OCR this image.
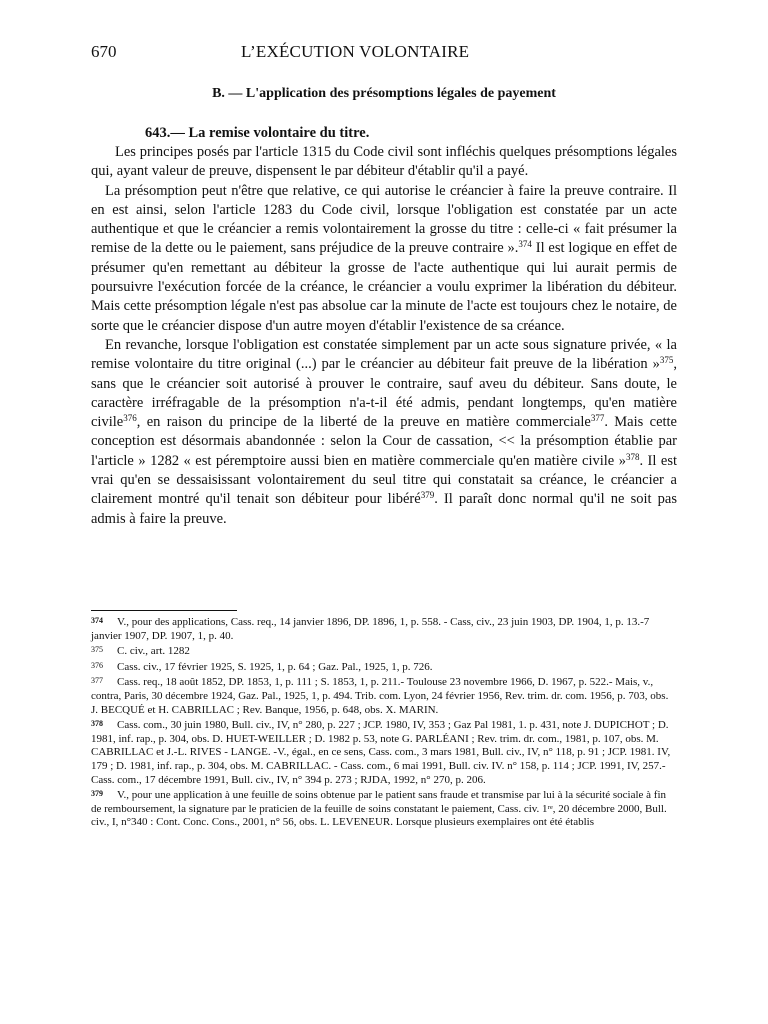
670	L’EXÉCUTION VOLONTAIRE
B. — L'application des présomptions légales de payement
643.— La remise volontaire du titre.

Les principes posés par l'article 1315 du Code civil sont infléchis quelques présomptions légales qui, ayant valeur de preuve, dispensent le par débiteur d'établir qu'il a payé.

La présomption peut n'être que relative, ce qui autorise le créancier à faire la preuve contraire. Il en est ainsi, selon l'article 1283 du Code civil, lorsque l'obligation est constatée par un acte authentique et que le créancier a remis volontairement la grosse du titre : celle-ci « fait présumer la remise de la dette ou le paiement, sans préjudice de la preuve contraire ».$^{374}$ Il est logique en effet de présumer qu'en remettant au débiteur la grosse de l'acte authentique qui lui aurait permis de poursuivre l'exécution forcée de la créance, le créancier a voulu exprimer la libération du débiteur. Mais cette présomption légale n'est pas absolue car la minute de l'acte est toujours chez le notaire, de sorte que le créancier dispose d'un autre moyen d'établir l'existence de sa créance.

En revanche, lorsque l'obligation est constatée simplement par un acte sous signature privée, « la remise volontaire du titre original (...) par le créancier au débiteur fait preuve de la libération »$^{375}$, sans que le créancier soit autorisé à prouver le contraire, sauf aveu du débiteur. Sans doute, le caractère irréfragable de la présomption n'a-t-il été admis, pendant longtemps, qu'en matière civile$^{376}$, en raison du principe de la liberté de la preuve en matière commerciale$^{377}$. Mais cette conception est désormais abandonnée : selon la Cour de cassation, << la présomption établie par l'article » 1282 « est péremptoire aussi bien en matière commerciale qu'en matière civile »$^{378}$. Il est vrai qu'en se dessaisissant volontairement du seul titre qui constatait sa créance, le créancier a clairement montré qu'il tenait son débiteur pour libéré$^{379}$. Il paraît donc normal qu'il ne soit pas admis à faire la preuve.

374 V., pour des applications, Cass. req., 14 janvier 1896, DP. 1896, 1, p. 558. - Cass, civ., 23 juin 1903, DP. 1904, 1, p. 13.-7 janvier 1907, DP. 1907, 1, p. 40.
375 C. civ., art. 1282
376 Cass. civ., 17 février 1925, S. 1925, 1, p. 64 ; Gaz. Pal., 1925, 1, p. 726.
377 Cass. req., 18 août 1852, DP. 1853, 1, p. 111 ; S. 1853, 1, p. 211.- Toulouse 23 novembre 1966, D. 1967, p. 522.- Mais, v., contra, Paris, 30 décembre 1924, Gaz. Pal., 1925, 1, p. 494. Trib. com. Lyon, 24 février 1956, Rev. trim. dr. com. 1956, p. 703, obs. J. BECQUÉ et H. CABRILLAC ; Rev. Banque, 1956, p. 648, obs. X. MARIN.
378 Cass. com., 30 juin 1980, Bull. civ., IV, n° 280, p. 227 ; JCP. 1980, IV, 353 ; Gaz Pal 1981, 1. p. 431, note J. DUPICHOT ; D. 1981, inf. rap., p. 304, obs. D. HUET-WEILLER ; D. 1982 p. 53, note G. PARLÉANI ; Rev. trim. dr. com., 1981, p. 107, obs. M. CABRILLAC et J.-L. RIVES - LANGE. -V., égal., en ce sens, Cass. com., 3 mars 1981, Bull. civ., IV, n° 118, p. 91 ; JCP. 1981. IV, 179 ; D. 1981, inf. rap., p. 304, obs. M. CABRILLAC. - Cass. com., 6 mai 1991, Bull. civ. IV. n° 158, p. 114 ; JCP. 1991, IV, 257.- Cass. com., 17 décembre 1991, Bull. civ., IV, n° 394 p. 273 ; RJDA, 1992, n° 270, p. 206.
379 V., pour une application à une feuille de soins obtenue par le patient sans fraude et transmise par lui à la sécurité sociale à fin de remboursement, la signature par le praticien de la feuille de soins constatant le paiement, Cass. civ. 1ʳᵉ, 20 décembre 2000, Bull. civ., I, n°340 : Cont. Conc. Cons., 2001, n° 56, obs. L. LEVENEUR. Lorsque plusieurs exemplaires ont été établis
